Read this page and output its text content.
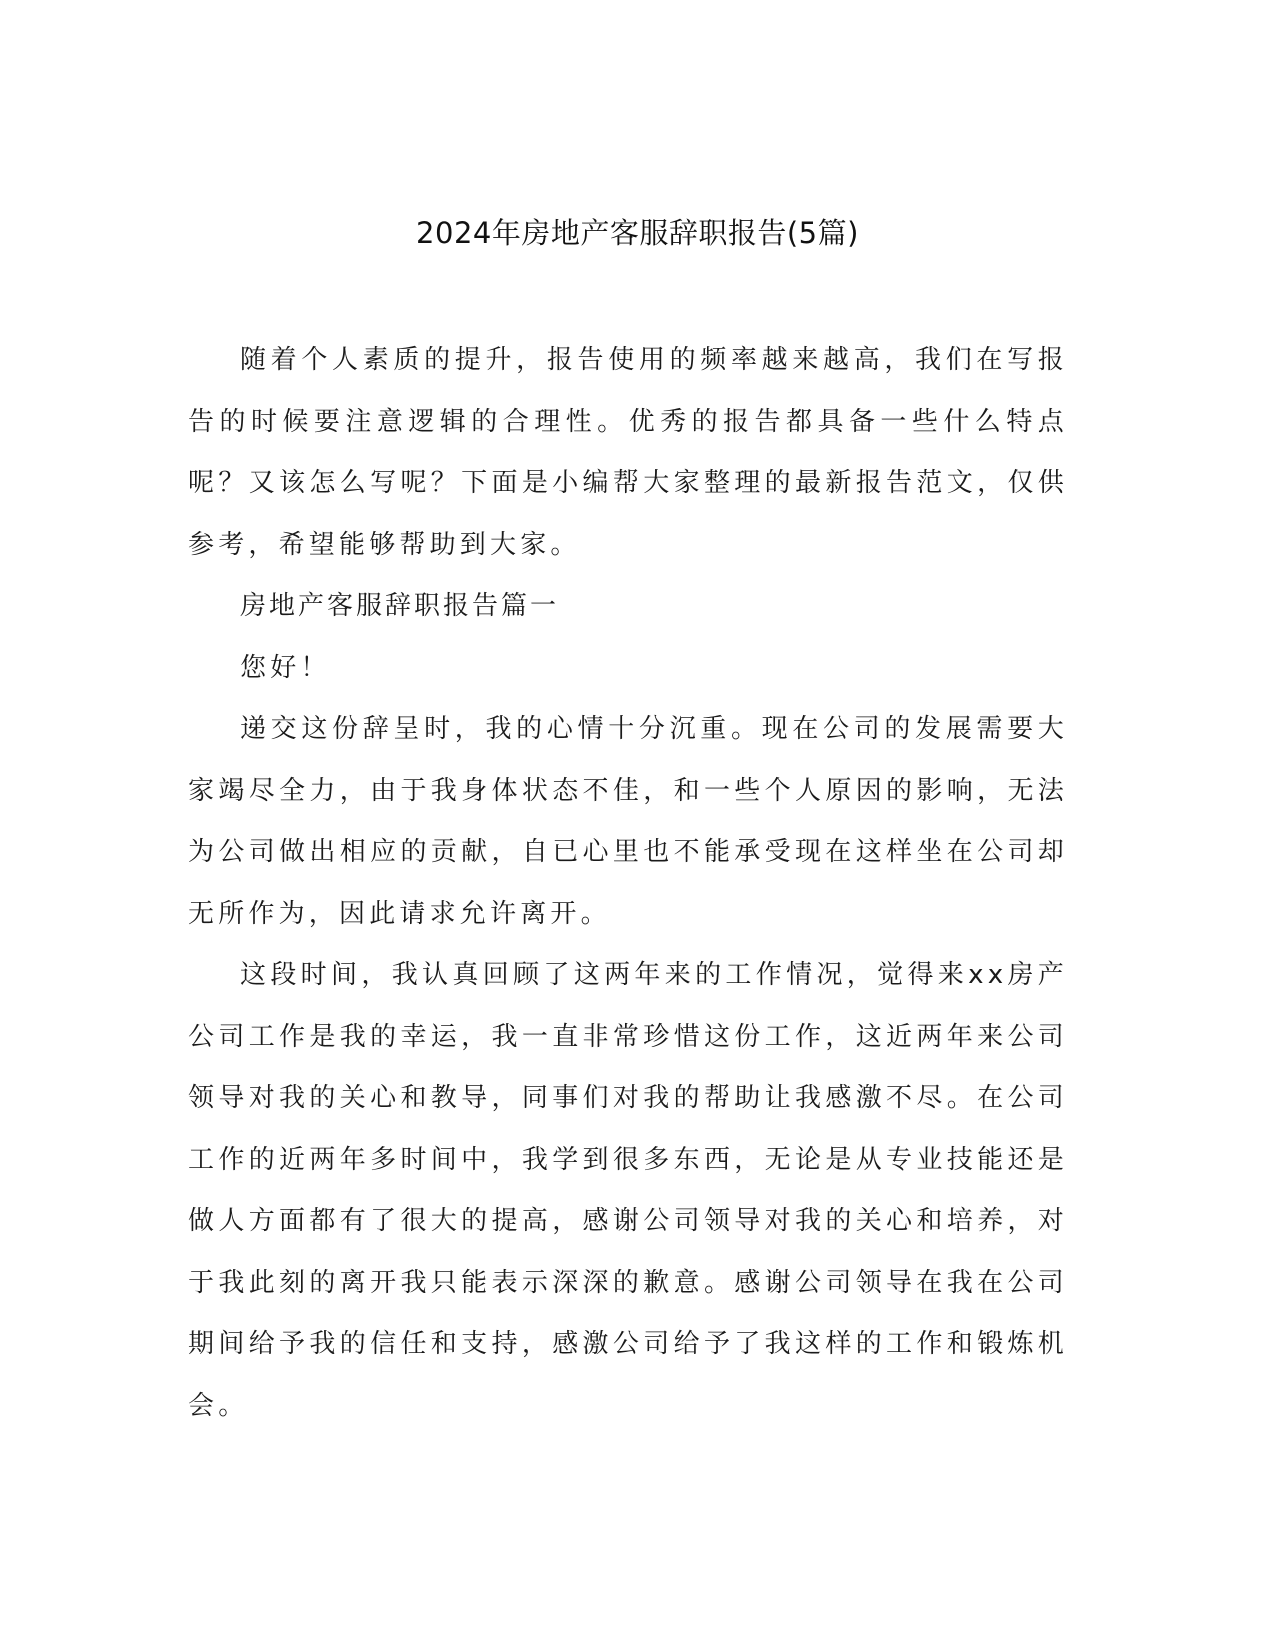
2024年房地产客服辞职报告(5篇)

随着个人素质的提升，报告使用的频率越来越高，我们在写报告的时候要注意逻辑的合理性。优秀的报告都具备一些什么特点呢？又该怎么写呢？下面是小编帮大家整理的最新报告范文，仅供参考，希望能够帮助到大家。

房地产客服辞职报告篇一

您好！

递交这份辞呈时，我的心情十分沉重。现在公司的发展需要大家竭尽全力，由于我身体状态不佳，和一些个人原因的影响，无法为公司做出相应的贡献，自已心里也不能承受现在这样坐在公司却无所作为，因此请求允许离开。

这段时间，我认真回顾了这两年来的工作情况，觉得来xx房产公司工作是我的幸运，我一直非常珍惜这份工作，这近两年来公司领导对我的关心和教导，同事们对我的帮助让我感激不尽。在公司工作的近两年多时间中，我学到很多东西，无论是从专业技能还是做人方面都有了很大的提高，感谢公司领导对我的关心和培养，对于我此刻的离开我只能表示深深的歉意。感谢公司领导在我在公司期间给予我的信任和支持，感激公司给予了我这样的工作和锻炼机会。
